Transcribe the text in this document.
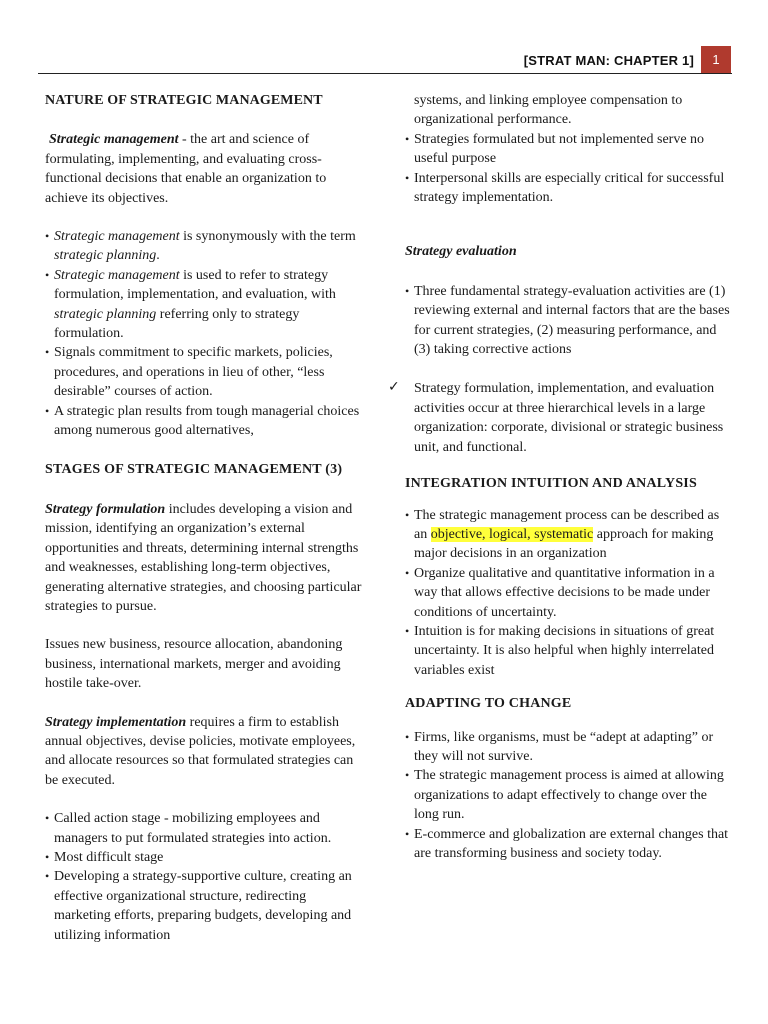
[STRAT MAN: CHAPTER 1]	1
NATURE OF STRATEGIC MANAGEMENT

Strategic management - the art and science of formulating, implementing, and evaluating cross-functional decisions that enable an organization to achieve its objectives.

• Strategic management is synonymously with the term strategic planning.
• Strategic management is used to refer to strategy formulation, implementation, and evaluation, with strategic planning referring only to strategy formulation.
• Signals commitment to specific markets, policies, procedures, and operations in lieu of other, “less desirable” courses of action.
• A strategic plan results from tough managerial choices among numerous good alternatives,
STAGES OF STRATEGIC MANAGEMENT (3)

Strategy formulation includes developing a vision and mission, identifying an organization’s external opportunities and threats, determining internal strengths and weaknesses, establishing long-term objectives, generating alternative strategies, and choosing particular strategies to pursue.

Issues new business, resource allocation, abandoning business, international markets, merger and avoiding hostile take-over.

Strategy implementation requires a firm to establish annual objectives, devise policies, motivate employees, and allocate resources so that formulated strategies can be executed.

• Called action stage - mobilizing employees and managers to put formulated strategies into action.
• Most difficult stage
• Developing a strategy-supportive culture, creating an effective organizational structure, redirecting marketing efforts, preparing budgets, developing and utilizing information

systems, and linking employee compensation to organizational performance.

• Strategies formulated but not implemented serve no useful purpose
• Interpersonal skills are especially critical for successful strategy implementation.
Strategy evaluation
• Three fundamental strategy-evaluation activities are (1) reviewing external and internal factors that are the bases for current strategies, (2) measuring performance, and (3) taking corrective actions
✓ Strategy formulation, implementation, and evaluation activities occur at three hierarchical levels in a large organization: corporate, divisional or strategic business unit, and functional.
INTEGRATION INTUITION AND ANALYSIS
• The strategic management process can be described as an objective, logical, systematic approach for making major decisions in an organization
• Organize qualitative and quantitative information in a way that allows effective decisions to be made under conditions of uncertainty.
• Intuition is for making decisions in situations of great uncertainty. It is also helpful when highly interrelated variables exist
ADAPTING TO CHANGE
• Firms, like organisms, must be “adept at adapting” or they will not survive.
• The strategic management process is aimed at allowing organizations to adapt effectively to change over the long run.
• E-commerce and globalization are external changes that are transforming business and society today.
